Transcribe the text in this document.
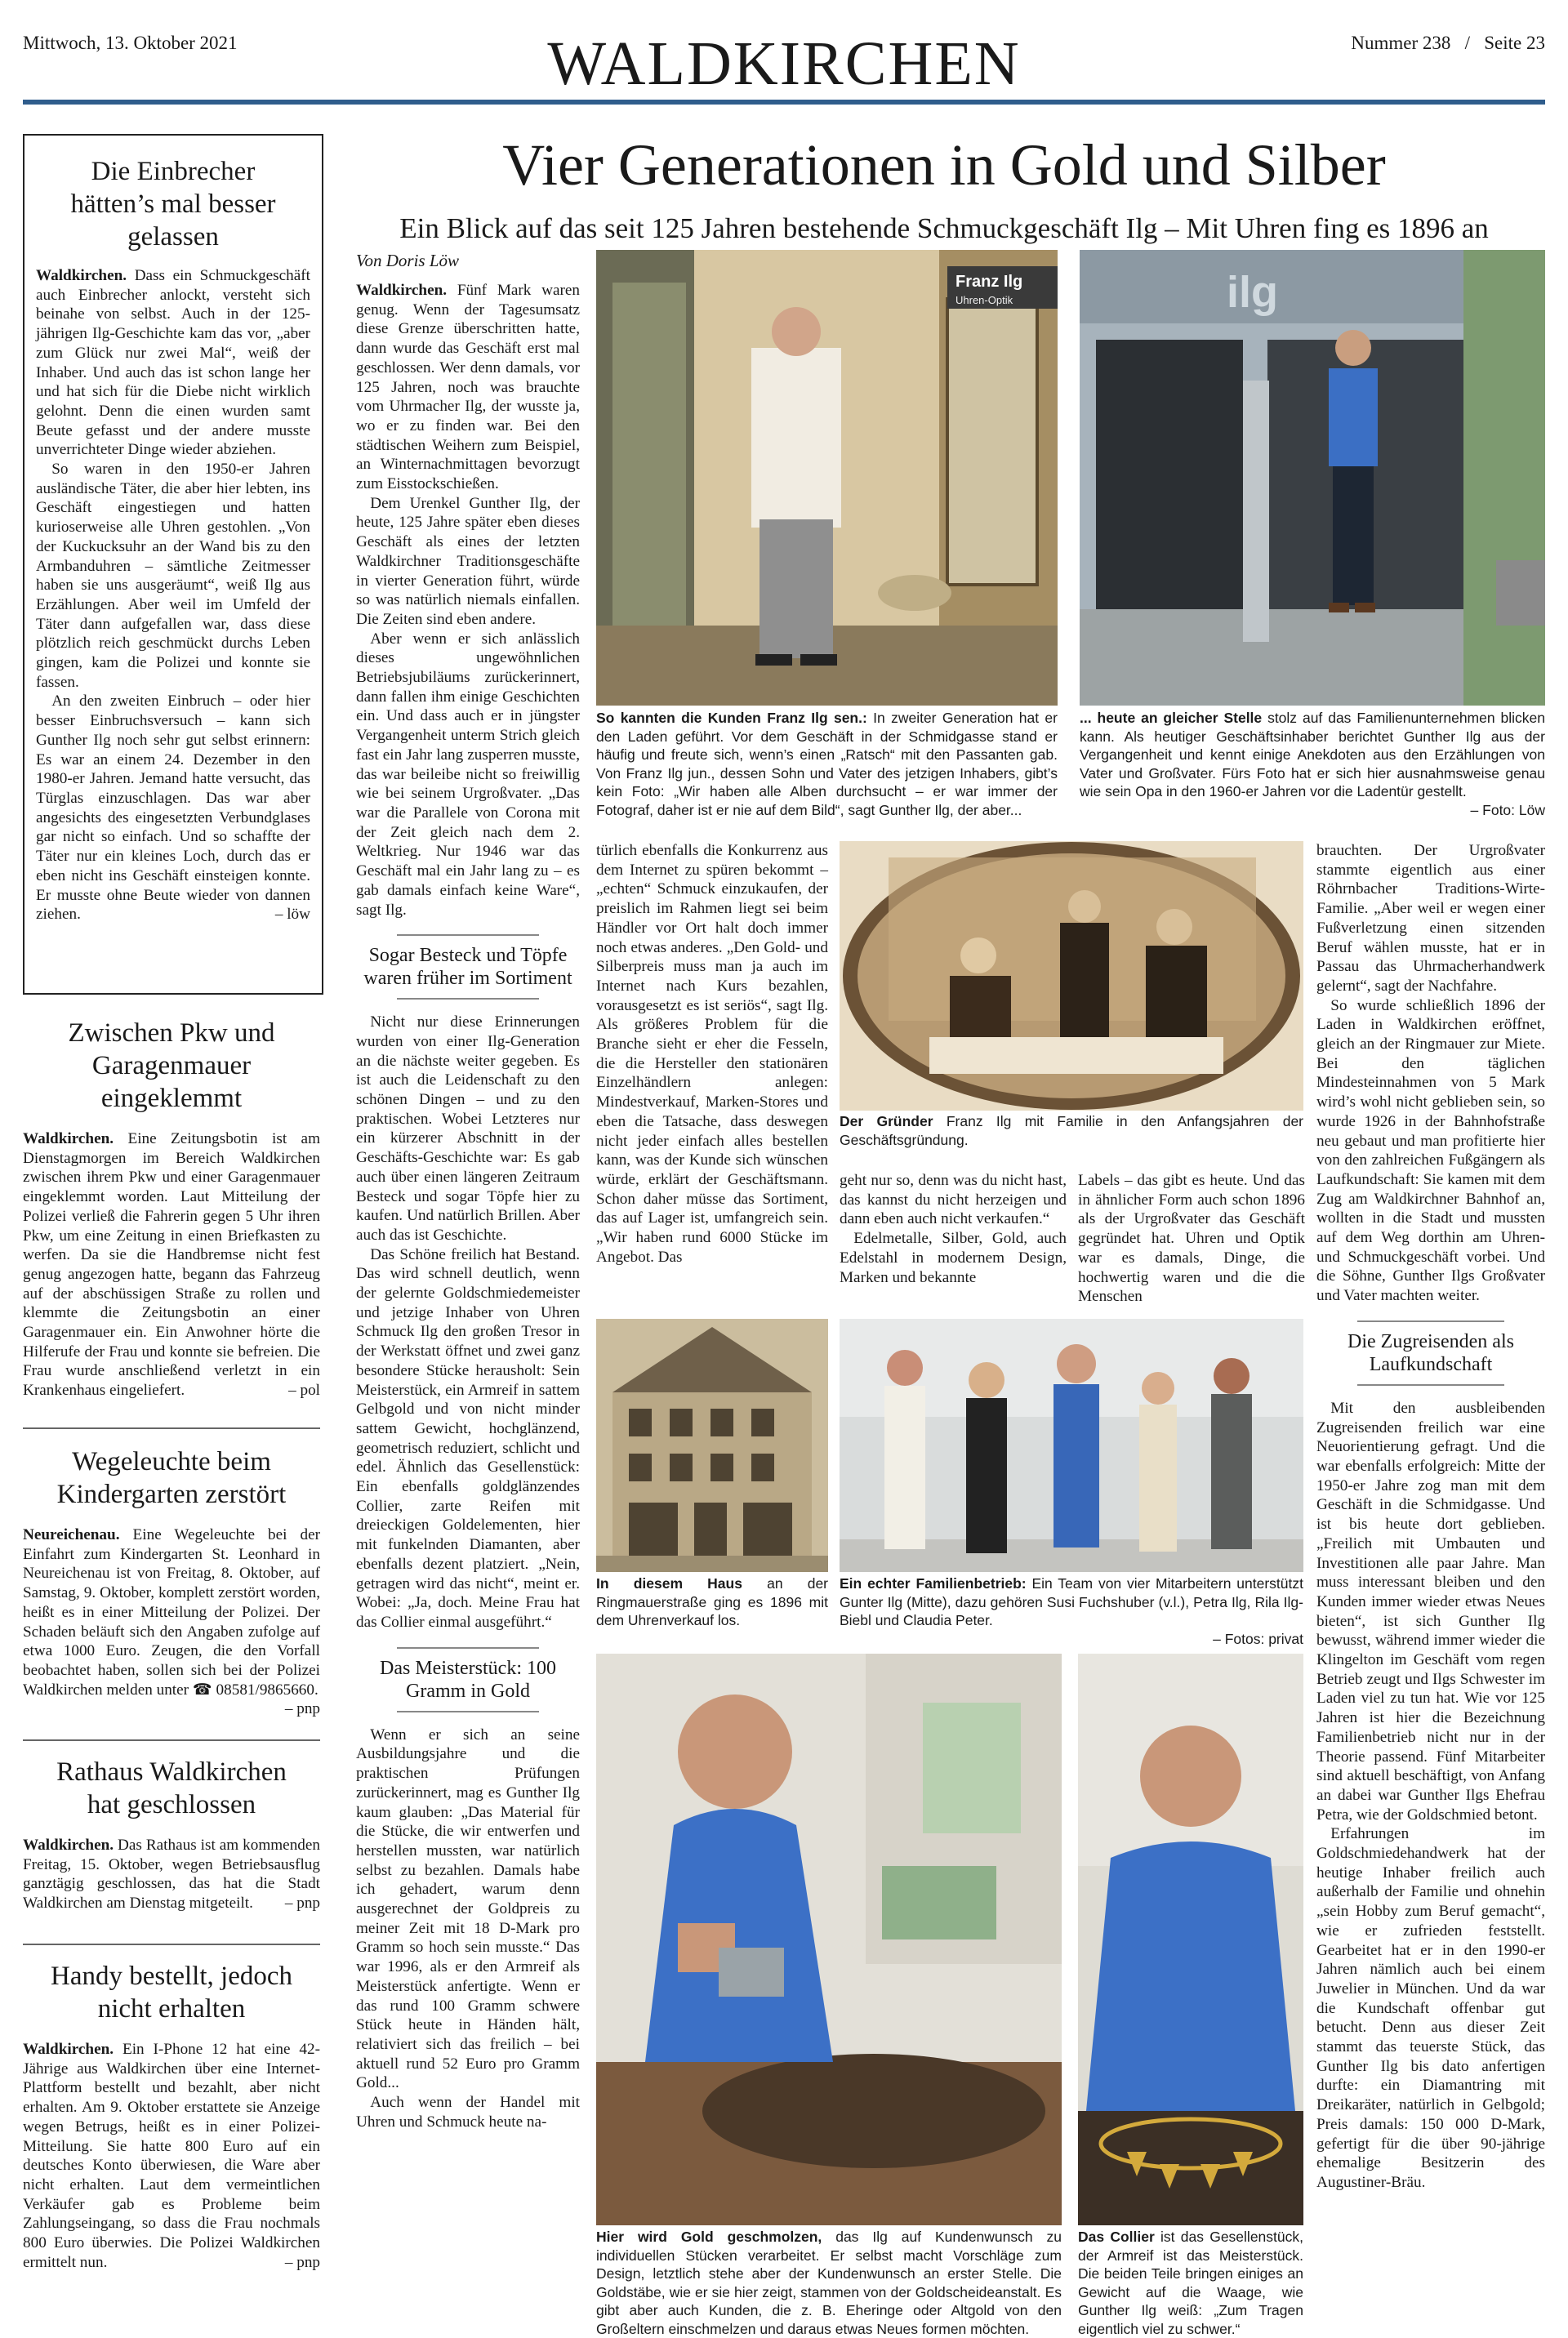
Mittwoch, 13. Oktober 2021	WALDKIRCHEN	Nummer 238   /   Seite 23
Die Einbrecher hätten’s mal besser gelassen
Waldkirchen. Dass ein Schmuckgeschäft auch Einbrecher anlockt, versteht sich beinahe von selbst. Auch in der 125-jährigen Ilg-Geschichte kam das vor, „aber zum Glück nur zwei Mal“, weiß der Inhaber. Und auch das ist schon lange her und hat sich für die Diebe nicht wirklich gelohnt. Denn die einen wurden samt Beute gefasst und der andere musste unverrichteter Dinge wieder abziehen.
So waren in den 1950-er Jahren ausländische Täter, die aber hier lebten, ins Geschäft eingestiegen und hatten kurioserweise alle Uhren gestohlen. „Von der Kuckucksuhr an der Wand bis zu den Armbanduhren – sämtliche Zeitmesser haben sie uns ausgeräumt“, weiß Ilg aus Erzählungen. Aber weil im Umfeld der Täter dann aufgefallen war, dass diese plötzlich reich geschmückt durchs Leben gingen, kam die Polizei und konnte sie fassen.
An den zweiten Einbruch – oder hier besser Einbruchsversuch – kann sich Gunther Ilg noch sehr gut selbst erinnern: Es war an einem 24. Dezember in den 1980-er Jahren. Jemand hatte versucht, das Türglas einzuschlagen. Das war aber angesichts des eingesetzten Verbundglases gar nicht so einfach. Und so schaffte der Täter nur ein kleines Loch, durch das er eben nicht ins Geschäft einsteigen konnte. Er musste ohne Beute wieder von dannen ziehen.	– löw
Zwischen Pkw und Garagenmauer eingeklemmt
Waldkirchen. Eine Zeitungsbotin ist am Dienstagmorgen im Bereich Waldkirchen zwischen ihrem Pkw und einer Garagenmauer eingeklemmt worden. Laut Mitteilung der Polizei verließ die Fahrerin gegen 5 Uhr ihren Pkw, um eine Zeitung in einen Briefkasten zu werfen. Da sie die Handbremse nicht fest genug angezogen hatte, begann das Fahrzeug auf der abschüssigen Straße zu rollen und klemmte die Zeitungsbotin an einer Garagenmauer ein. Ein Anwohner hörte die Hilferufe der Frau und konnte sie befreien. Die Frau wurde anschließend verletzt in ein Krankenhaus eingeliefert.	– pol
Wegeleuchte beim Kindergarten zerstört
Neureichenau. Eine Wegeleuchte bei der Einfahrt zum Kindergarten St. Leonhard in Neureichenau ist von Freitag, 8. Oktober, auf Samstag, 9. Oktober, komplett zerstört worden, heißt es in einer Mitteilung der Polizei. Der Schaden beläuft sich den Angaben zufolge auf etwa 1000 Euro. Zeugen, die den Vorfall beobachtet haben, sollen sich bei der Polizei Waldkirchen melden unter ☎ 08581/9865660.
– pnp
Rathaus Waldkirchen hat geschlossen
Waldkirchen. Das Rathaus ist am kommenden Freitag, 15. Oktober, wegen Betriebsausflug ganztägig geschlossen, das hat die Stadt Waldkirchen am Dienstag mitgeteilt. – pnp
Handy bestellt, jedoch nicht erhalten
Waldkirchen. Ein I-Phone 12 hat eine 42-Jährige aus Waldkirchen über eine Internet-Plattform bestellt und bezahlt, aber nicht erhalten. Am 9. Oktober erstattete sie Anzeige wegen Betrugs, heißt es in einer Polizei-Mitteilung. Sie hatte 800 Euro auf ein deutsches Konto überwiesen, die Ware aber nicht erhalten. Laut dem vermeintlichen Verkäufer gab es Probleme beim Zahlungseingang, so dass die Frau nochmals 800 Euro überwies. Die Polizei Waldkirchen ermittelt nun.	– pnp
Vier Generationen in Gold und Silber
Ein Blick auf das seit 125 Jahren bestehende Schmuckgeschäft Ilg – Mit Uhren fing es 1896 an
Von Doris Löw

Waldkirchen. Fünf Mark waren genug. Wenn der Tagesumsatz diese Grenze überschritten hatte, dann wurde das Geschäft erst mal geschlossen. Wer denn damals, vor 125 Jahren, noch was brauchte vom Uhrmacher Ilg, der wusste ja, wo er zu finden war. Bei den städtischen Weihern zum Beispiel, an Winternachmittagen bevorzugt zum Eisstockschießen.

Dem Urenkel Gunther Ilg, der heute, 125 Jahre später eben dieses Geschäft als eines der letzten Waldkirchner Traditionsgeschäfte in vierter Generation führt, würde so was natürlich niemals einfallen. Die Zeiten sind eben andere.

Aber wenn er sich anlässlich dieses ungewöhnlichen Betriebsjubiläums zurückerinnert, dann fallen ihm einige Geschichten ein. Und dass auch er in jüngster Vergangenheit unterm Strich gleich fast ein Jahr lang zusperren musste, das war beileibe nicht so freiwillig wie bei seinem Urgroßvater. „Das war die Parallele von Corona mit der Zeit gleich nach dem 2. Weltkrieg. Nur 1946 war das Geschäft mal ein Jahr lang zu – es gab damals einfach keine Ware“, sagt Ilg.

Sogar Besteck und Töpfe waren früher im Sortiment

Nicht nur diese Erinnerungen wurden von einer Ilg-Generation an die nächste weiter gegeben. Es ist auch die Leidenschaft zu den schönen Dingen – und zu den praktischen. Wobei Letzteres nur ein kürzerer Abschnitt in der Geschäfts-Geschichte war: Es gab auch über einen längeren Zeitraum Besteck und sogar Töpfe hier zu kaufen. Und natürlich Brillen. Aber auch das ist Geschichte.

Das Schöne freilich hat Bestand. Das wird schnell deutlich, wenn der gelernte Goldschmiedemeister und jetzige Inhaber von Uhren Schmuck Ilg den großen Tresor in der Werkstatt öffnet und zwei ganz besondere Stücke herausholt: Sein Meisterstück, ein Armreif in sattem Gelbgold und von nicht minder sattem Gewicht, hochglänzend, geometrisch reduziert, schlicht und edel. Ähnlich das Gesellenstück: Ein ebenfalls goldglänzendes Collier, zarte Reifen mit dreieckigen Goldelementen, hier mit funkelnden Diamanten, aber ebenfalls dezent platziert. „Nein, getragen wird das nicht“, meint er. Wobei: „Ja, doch. Meine Frau hat das Collier einmal ausgeführt.“

Das Meisterstück: 100 Gramm in Gold

Wenn er sich an seine Ausbildungsjahre und die praktischen Prüfungen zurückerinnert, mag es Gunther Ilg kaum glauben: „Das Material für die Stücke, die wir entwerfen und herstellen mussten, war natürlich selbst zu bezahlen. Damals habe ich gehadert, warum denn ausgerechnet der Goldpreis zu meiner Zeit mit 18 D-Mark pro Gramm so hoch sein musste.“ Das war 1996, als er den Armreif als Meisterstück anfertigte. Wenn er das rund 100 Gramm schwere Stück heute in Händen hält, relativiert sich das freilich – bei aktuell rund 52 Euro pro Gramm Gold...

Auch wenn der Handel mit Uhren und Schmuck heute na-

Franz Ilg
Uhren-Optik	ilg
So kannten die Kunden Franz Ilg sen.: In zweiter Generation hat er den Laden geführt. Vor dem Geschäft in der Schmidgasse stand er häufig und freute sich, wenn’s einen „Ratsch“ mit den Passanten gab. Von Franz Ilg jun., dessen Sohn und Vater des jetzigen Inhabers, gibt’s kein Foto: „Wir haben alle Alben durchsucht – er war immer der Fotograf, daher ist er nie auf dem Bild“, sagt Gunther Ilg, der aber...
... heute an gleicher Stelle stolz auf das Familienunternehmen blicken kann. Als heutiger Geschäftsinhaber berichtet Gunther Ilg aus der Vergangenheit und kennt einige Anekdoten aus den Erzählungen von Vater und Großvater. Fürs Foto hat er sich hier ausnahmsweise genau wie sein Opa in den 1960-er Jahren vor die Ladentür gestellt.
– Foto: Löw

türlich ebenfalls die Konkurrenz aus dem Internet zu spüren bekommt – „echten“ Schmuck einzukaufen, der preislich im Rahmen liegt sei beim Händler vor Ort halt doch immer noch etwas anderes. „Den Gold- und Silberpreis muss man ja auch im Internet nach Kurs bezahlen, vorausgesetzt es ist seriös“, sagt Ilg. Als größeres Problem für die Branche sieht er eher die Fesseln, die die Hersteller den stationären Einzelhändlern anlegen: Mindestverkauf, Marken-Stores und eben die Tatsache, dass deswegen nicht jeder einfach alles bestellen kann, was der Kunde sich wünschen würde, erklärt der Geschäftsmann. Schon daher müsse das Sortiment, das auf Lager ist, umfangreich sein. „Wir haben rund 6000 Stücke im Angebot. Das

Der Gründer Franz Ilg mit Familie in den Anfangsjahren der Geschäftsgründung.

geht nur so, denn was du nicht hast, das kannst du nicht herzeigen und dann eben auch nicht verkaufen.“

Edelmetalle, Silber, Gold, auch Edelstahl in modernem Design, Marken und bekannte

Labels – das gibt es heute. Und das in ähnlicher Form auch schon 1896 als der Urgroßvater das Geschäft gegründet hat. Uhren und Optik war es damals, Dinge, die hochwertig waren und die die Menschen

brauchten. Der Urgroßvater stammte eigentlich aus einer Röhrnbacher Traditions-Wirte-Familie. „Aber weil er wegen einer Fußverletzung einen sitzenden Beruf wählen musste, hat er in Passau das Uhrmacherhandwerk gelernt“, sagt der Nachfahre.

So wurde schließlich 1896 der Laden in Waldkirchen eröffnet, gleich an der Ringmauer zur Miete. Bei den täglichen Mindesteinnahmen von 5 Mark wird’s wohl nicht geblieben sein, so wurde 1926 in der Bahnhofstraße neu gebaut und man profitierte hier von den zahlreichen Fußgängern als Laufkundschaft: Sie kamen mit dem Zug am Waldkirchner Bahnhof an, wollten in die Stadt und mussten auf dem Weg dorthin am Uhren- und Schmuckgeschäft vorbei. Und die Söhne, Gunther Ilgs Großvater und Vater machten weiter.

Die Zugreisenden als Laufkundschaft

Mit den ausbleibenden Zugreisenden freilich war eine Neuorientierung gefragt. Und die war ebenfalls erfolgreich: Mitte der 1950-er Jahre zog man mit dem Geschäft in die Schmidgasse. Und ist bis heute dort geblieben. „Freilich mit Umbauten und Investitionen alle paar Jahre. Man muss interessant bleiben und den Kunden immer wieder etwas Neues bieten“, ist sich Gunther Ilg bewusst, während immer wieder die Klingelton im Geschäft vom regen Betrieb zeugt und Ilgs Schwester im Laden viel zu tun hat. Wie vor 125 Jahren ist hier die Bezeichnung Familienbetrieb nicht nur in der Theorie passend. Fünf Mitarbeiter sind aktuell beschäftigt, von Anfang an dabei war Gunther Ilgs Ehefrau Petra, wie der Goldschmied betont.

Erfahrungen im Goldschmiedehandwerk hat der heutige Inhaber freilich auch außerhalb der Familie und ohnehin „sein Hobby zum Beruf gemacht“, wie er zufrieden feststellt. Gearbeitet hat er in den 1990-er Jahren nämlich auch bei einem Juwelier in München. Und da war die Kundschaft offenbar gut betucht. Denn aus dieser Zeit stammt das teuerste Stück, das Gunther Ilg bis dato anfertigen durfte: ein Diamantring mit Dreikaräter, natürlich in Gelbgold; Preis damals: 150 000 D-Mark, gefertigt für die über 90-jährige ehemalige Besitzerin des Augustiner-Bräu.

In diesem Haus an der Ringmauerstraße ging es 1896 mit dem Uhrenverkauf los.
Ein echter Familienbetrieb: Ein Team von vier Mitarbeitern unterstützt Gunter Ilg (Mitte), dazu gehören Susi Fuchshuber (v.l.), Petra Ilg, Rila Ilg-Biebl und Claudia Peter.
– Fotos: privat
Hier wird Gold geschmolzen, das Ilg auf Kundenwunsch zu individuellen Stücken verarbeitet. Er selbst macht Vorschläge zum Design, letztlich stehe aber der Kundenwunsch an erster Stelle. Die Goldstäbe, wie er sie hier zeigt, stammen von der Goldscheideanstalt. Es gibt aber auch Kunden, die z. B. Eheringe oder Altgold von den Großeltern einschmelzen und daraus etwas Neues formen möchten.
Das Collier ist das Gesellenstück, der Armreif ist das Meisterstück. Die beiden Teile bringen einiges an Gewicht auf die Waage, wie Gunther Ilg weiß: „Zum Tragen eigentlich viel zu schwer.“
